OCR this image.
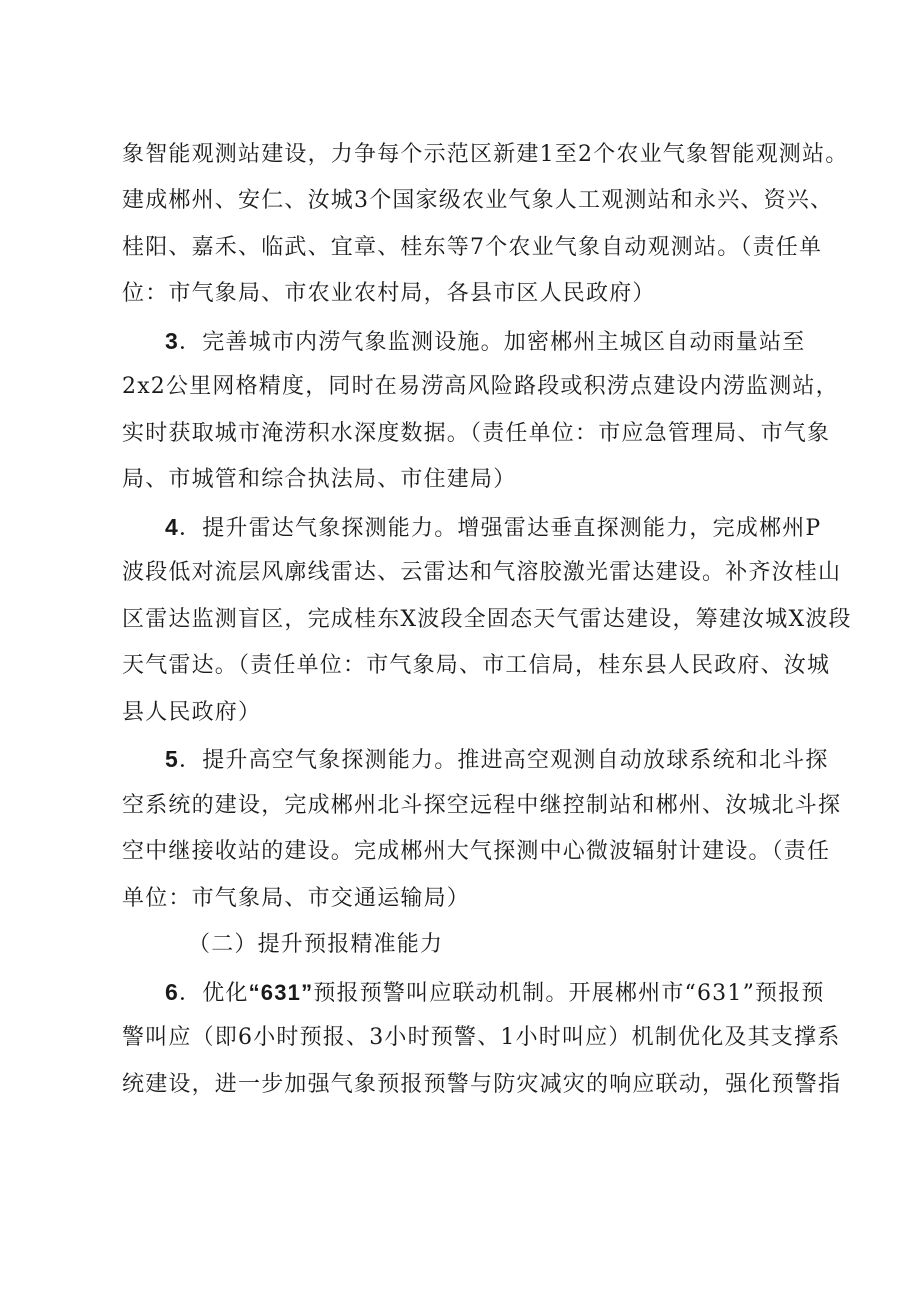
象智能观测站建设，力争每个示范区新建1至2个农业气象智能观测站。
建成郴州、安仁、汝城3个国家级农业气象人工观测站和永兴、资兴、
桂阳、嘉禾、临武、宜章、桂东等7个农业气象自动观测站。（责任单
位：市气象局、市农业农村局，各县市区人民政府）
3．完善城市内涝气象监测设施。加密郴州主城区自动雨量站至
2x2公里网格精度，同时在易涝高风险路段或积涝点建设内涝监测站，
实时获取城市淹涝积水深度数据。（责任单位：市应急管理局、市气象
局、市城管和综合执法局、市住建局）
4．提升雷达气象探测能力。增强雷达垂直探测能力，完成郴州P
波段低对流层风廓线雷达、云雷达和气溶胶激光雷达建设。补齐汝桂山
区雷达监测盲区，完成桂东X波段全固态天气雷达建设，筹建汝城X波段
天气雷达。（责任单位：市气象局、市工信局，桂东县人民政府、汝城
县人民政府）
5．提升高空气象探测能力。推进高空观测自动放球系统和北斗探
空系统的建设，完成郴州北斗探空远程中继控制站和郴州、汝城北斗探
空中继接收站的建设。完成郴州大气探测中心微波辐射计建设。（责任
单位：市气象局、市交通运输局）
（二）提升预报精准能力
6．优化“631”预报预警叫应联动机制。开展郴州市“631”预报预
警叫应（即6小时预报、3小时预警、1小时叫应）机制优化及其支撑系
统建设，进一步加强气象预报预警与防灾减灾的响应联动，强化预警指
